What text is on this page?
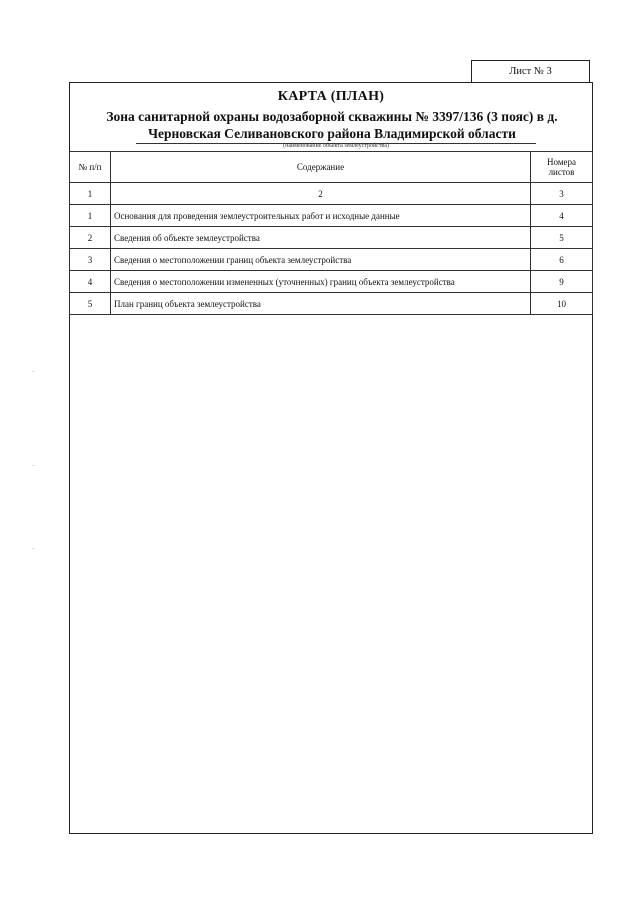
Лист № 3
КАРТА (ПЛАН)
Зона санитарной охраны водозаборной скважины № 3397/136 (3 пояс) в д.
Черновская Селивановского района Владимирской области
(наименование объекта землеустройства)
№ п/п	Содержание	Номера листов
1	2	3
1	Основания для проведения землеустроительных работ и исходные данные	4
2	Сведения об объекте землеустройства	5
3	Сведения о местоположении границ объекта землеустройства	6
4	Сведения о местоположении измененных (уточненных) границ объекта землеустройства	9
5	План границ объекта землеустройства	10
·
·
·
